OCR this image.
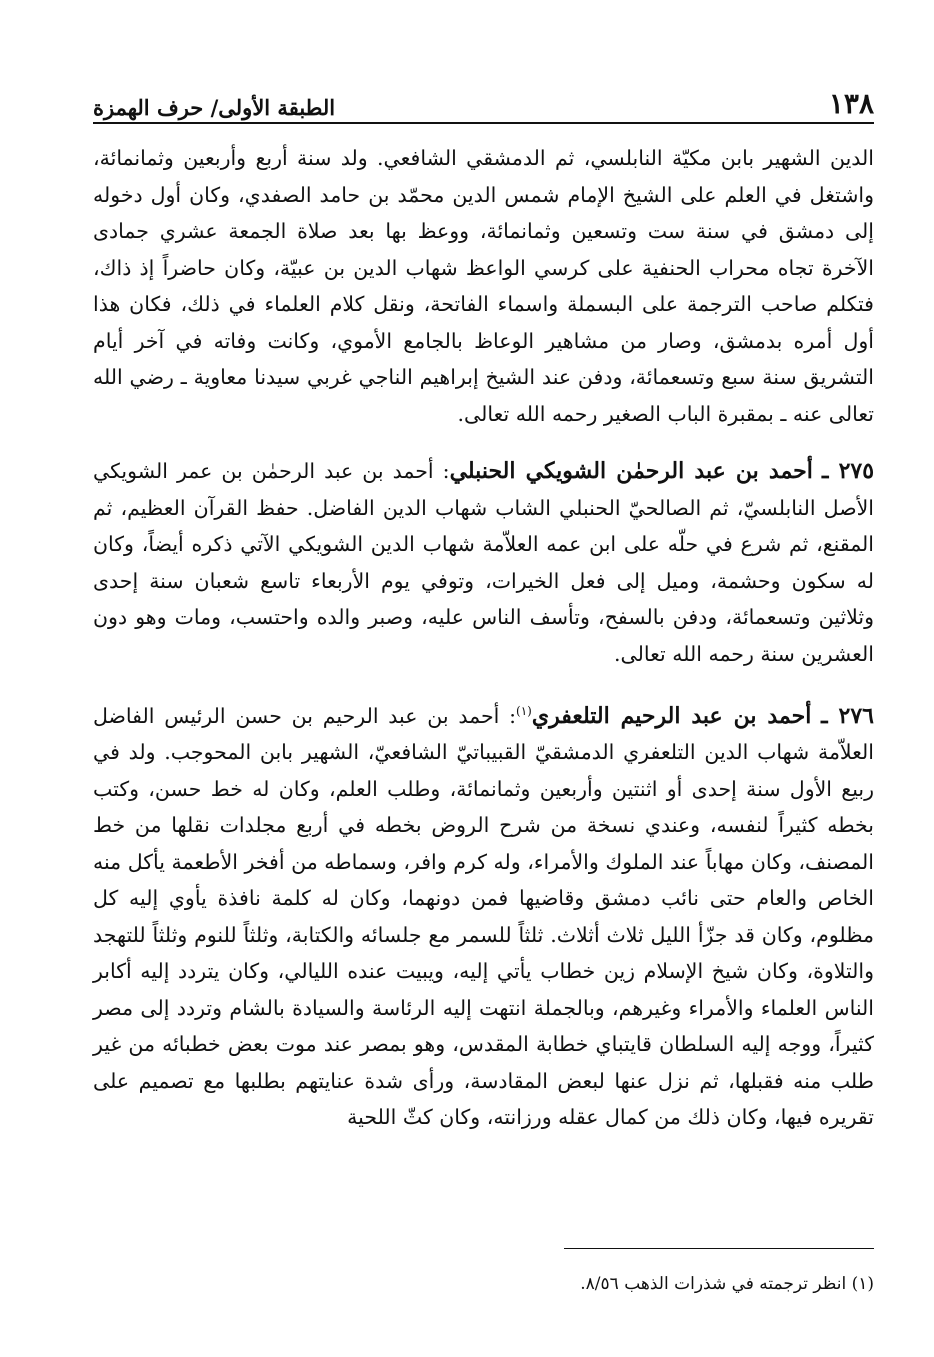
١٣٨
الطبقة الأولى/ حرف الهمزة

الدين الشهير بابن مكيّة النابلسي، ثم الدمشقي الشافعي. ولد سنة أربع وأربعين وثمانمائة، واشتغل في العلم على الشيخ الإمام شمس الدين محمّد بن حامد الصفدي، وكان أول دخوله إلى دمشق في سنة ست وتسعين وثمانمائة، ووعظ بها بعد صلاة الجمعة عشري جمادى الآخرة تجاه محراب الحنفية على كرسي الواعظ شهاب الدين بن عبيّة، وكان حاضراً إذ ذاك، فتكلم صاحب الترجمة على البسملة واسماء الفاتحة، ونقل كلام العلماء في ذلك، فكان هذا أول أمره بدمشق، وصار من مشاهير الوعاظ بالجامع الأموي، وكانت وفاته في آخر أيام التشريق سنة سبع وتسعمائة، ودفن عند الشيخ إبراهيم الناجي غربي سيدنا معاوية ـ رضي الله تعالى عنه ـ بمقبرة الباب الصغير رحمه الله تعالى.

٢٧٥ ـ أحمد بن عبد الرحمٰن الشويكي الحنبلي: أحمد بن عبد الرحمٰن بن عمر الشويكي الأصل النابلسيّ، ثم الصالحيّ الحنبلي الشاب شهاب الدين الفاضل. حفظ القرآن العظيم، ثم المقنع، ثم شرع في حلّه على ابن عمه العلاّمة شهاب الدين الشويكي الآتي ذكره أيضاً، وكان له سكون وحشمة، وميل إلى فعل الخيرات، وتوفي يوم الأربعاء تاسع شعبان سنة إحدى وثلاثين وتسعمائة، ودفن بالسفح، وتأسف الناس عليه، وصبر والده واحتسب، ومات وهو دون العشرين سنة رحمه الله تعالى.

٢٧٦ ـ أحمد بن عبد الرحيم التلعفري$^{(١)}$: أحمد بن عبد الرحيم بن حسن الرئيس الفاضل العلاّمة شهاب الدين التلعفري الدمشقيّ القبيباتيّ الشافعيّ، الشهير بابن المحوجب. ولد في ربيع الأول سنة إحدى أو اثنتين وأربعين وثمانمائة، وطلب العلم، وكان له خط حسن، وكتب بخطه كثيراً لنفسه، وعندي نسخة من شرح الروض بخطه في أربع مجلدات نقلها من خط المصنف، وكان مهاباً عند الملوك والأمراء، وله كرم وافر، وسماطه من أفخر الأطعمة يأكل منه الخاص والعام حتى نائب دمشق وقاضيها فمن دونهما، وكان له كلمة نافذة يأوي إليه كل مظلوم، وكان قد جزّأ الليل ثلاث أثلاث. ثلثاً للسمر مع جلسائه والكتابة، وثلثاً للنوم وثلثاً للتهجد والتلاوة، وكان شيخ الإسلام زين خطاب يأتي إليه، ويبيت عنده الليالي، وكان يتردد إليه أكابر الناس العلماء والأمراء وغيرهم، وبالجملة انتهت إليه الرئاسة والسيادة بالشام وتردد إلى مصر كثيراً، ووجه إليه السلطان قايتباي خطابة المقدس، وهو بمصر عند موت بعض خطبائه من غير طلب منه فقبلها، ثم نزل عنها لبعض المقادسة، ورأى شدة عنايتهم بطلبها مع تصميم على تقريره فيها، وكان ذلك من كمال عقله ورزانته، وكان كثّ اللحية

(١) انظر ترجمته في شذرات الذهب ٨/٥٦.
